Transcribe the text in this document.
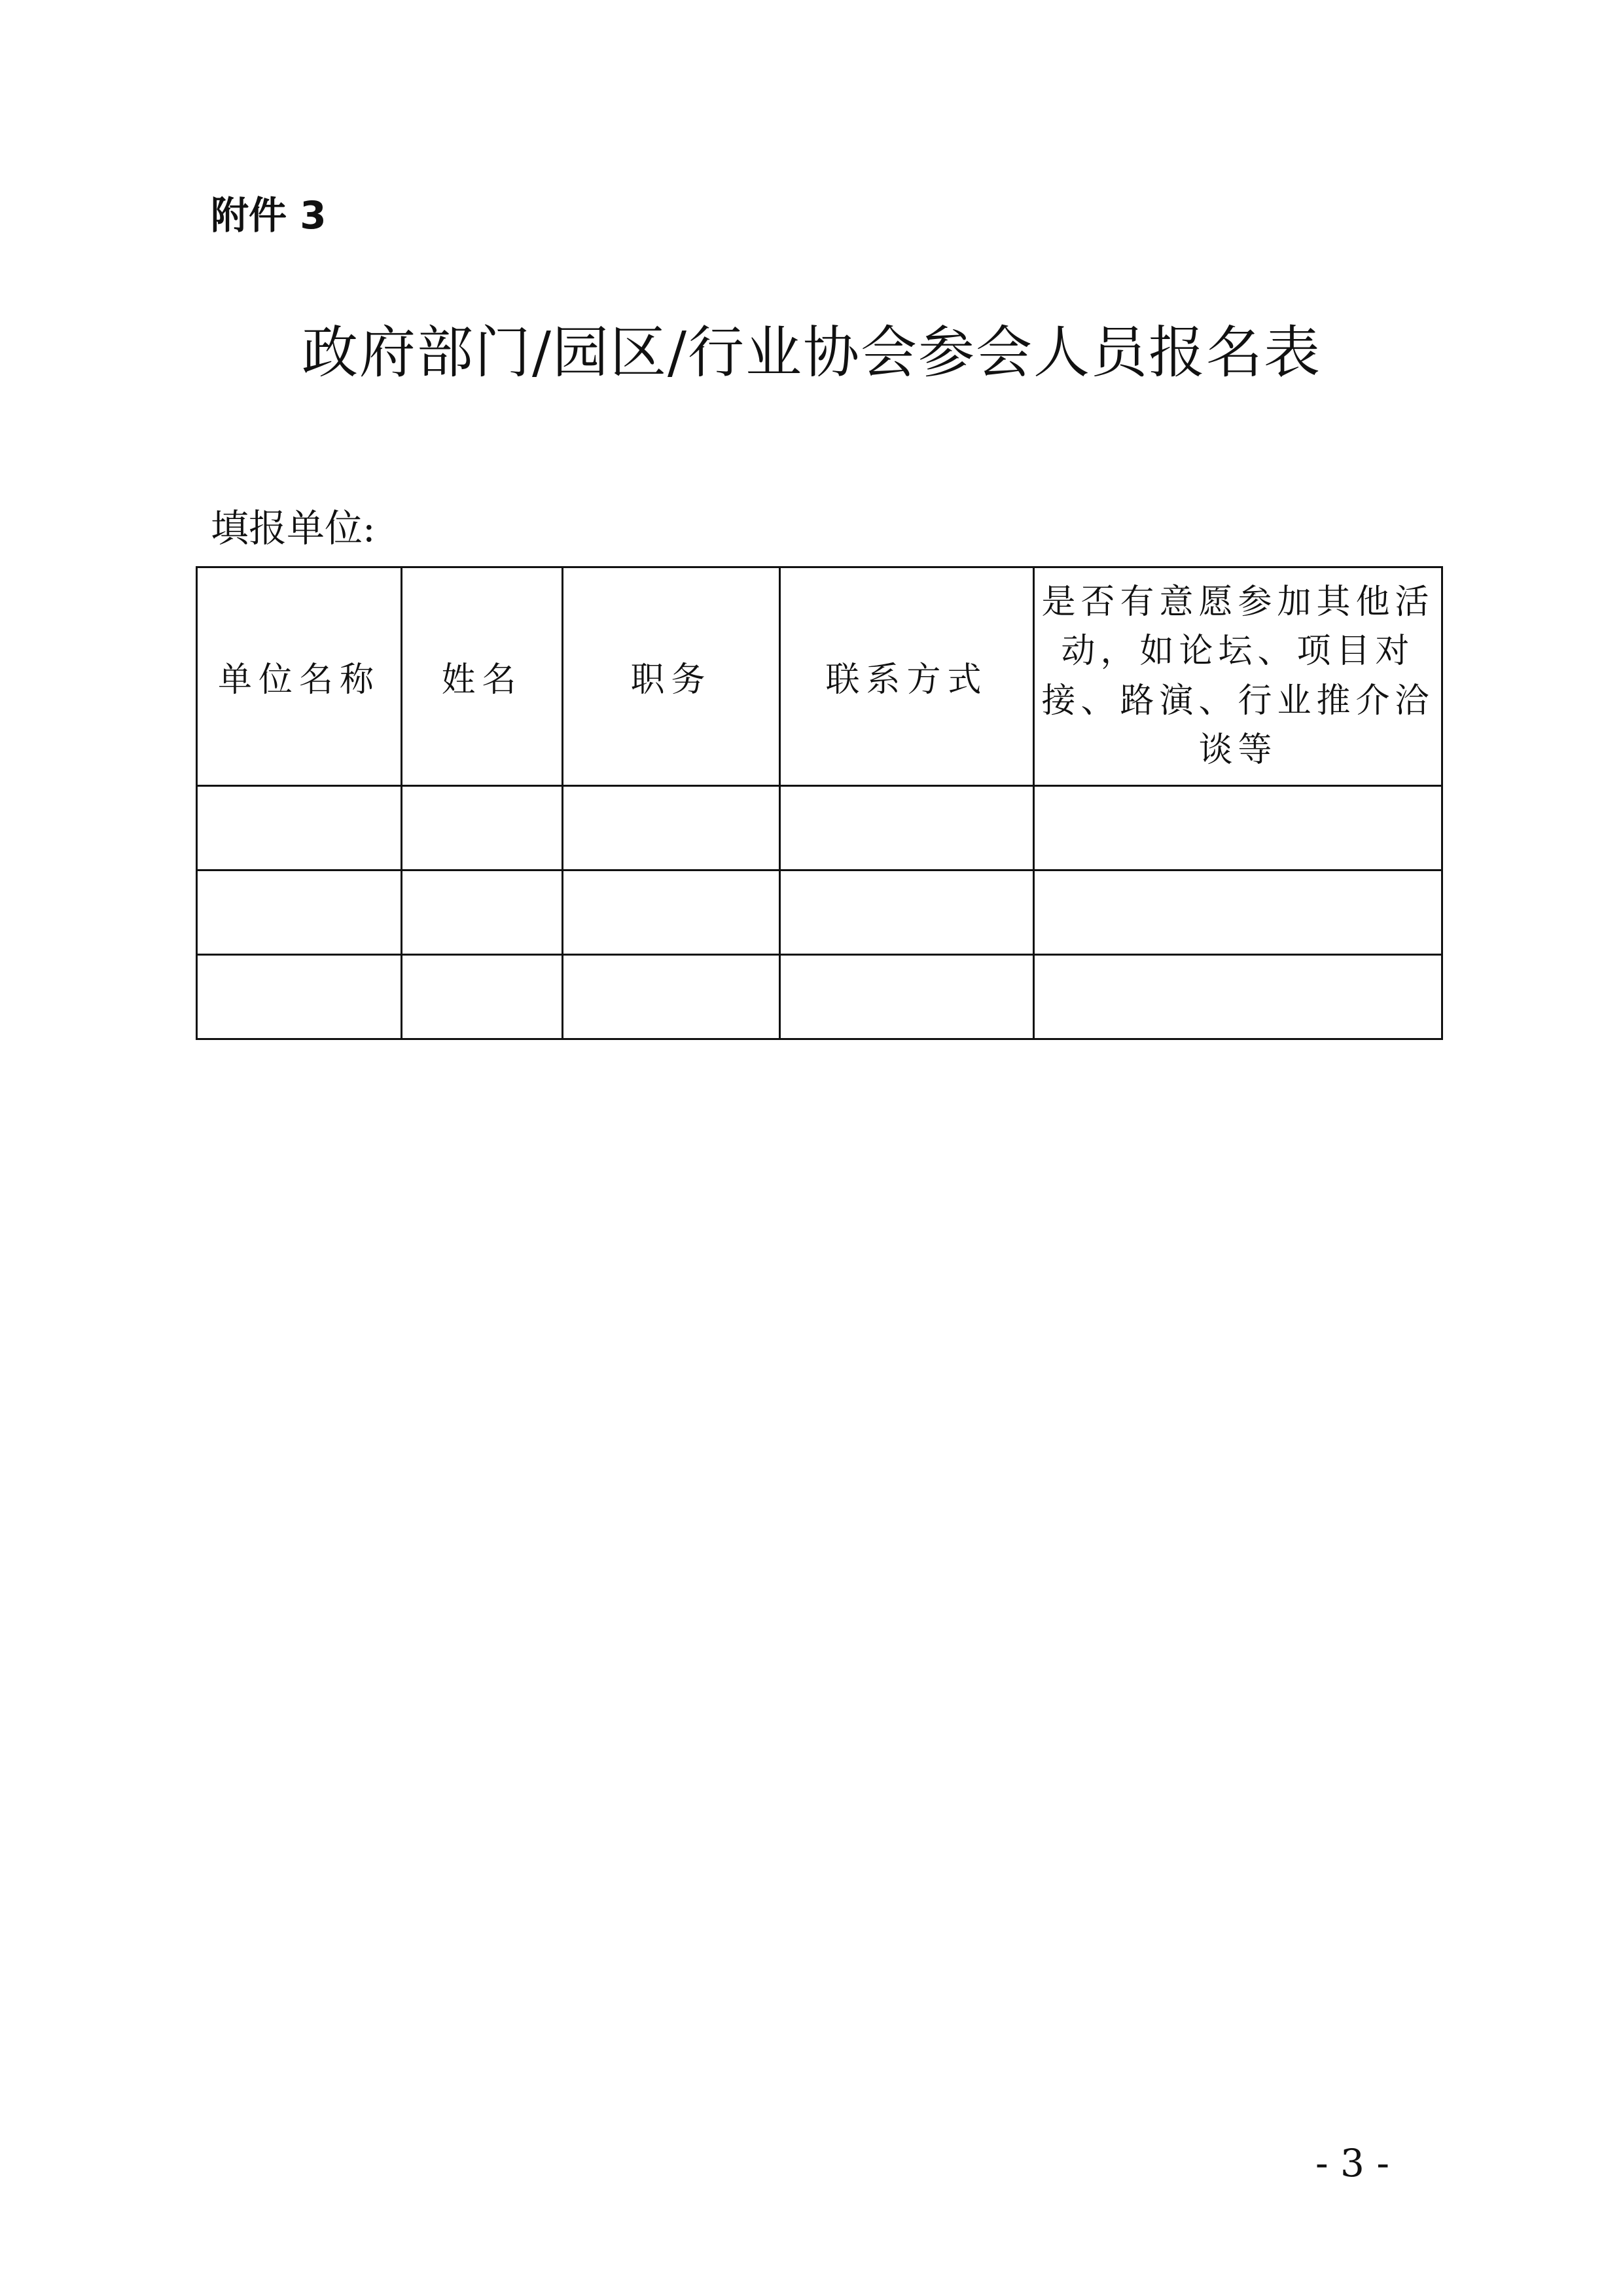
附件 3
政府部门/园区/行业协会参会人员报名表
填报单位:
单位名称	姓名	职务	联系方式	是否有意愿参加其他活动，如论坛、项目对接、路演、行业推介洽谈等

- 3 -
